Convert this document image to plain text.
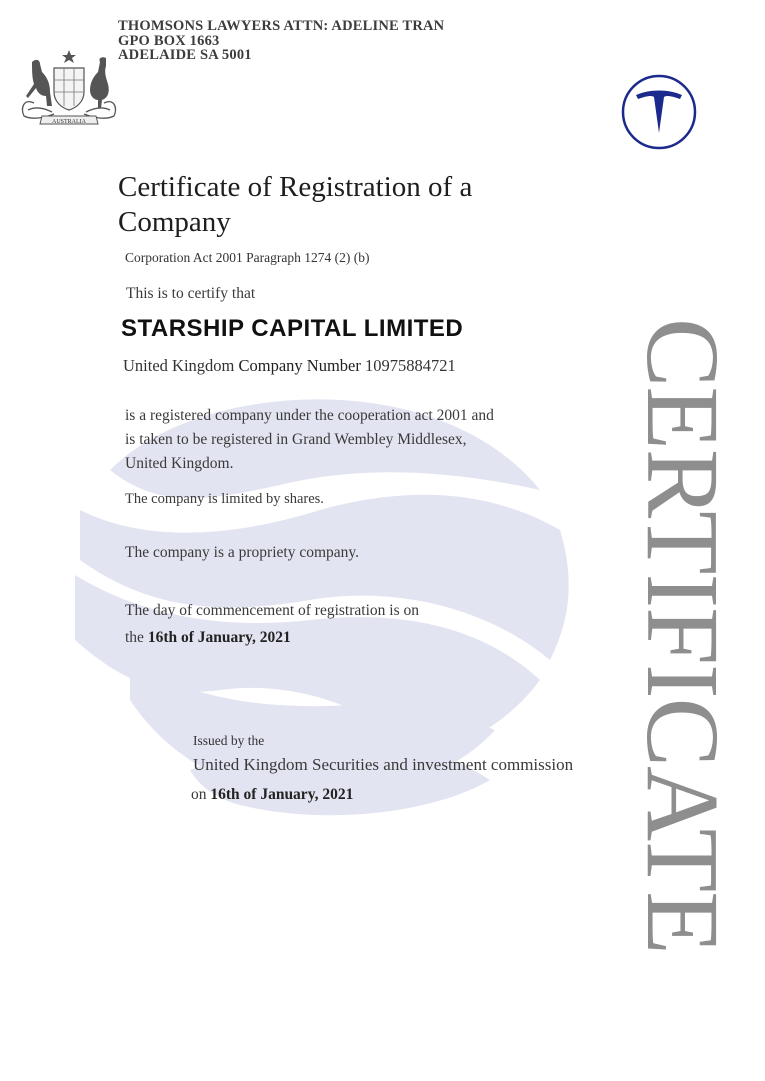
THOMSONS LAWYERS ATTN: ADELINE TRAN
GPO BOX 1663
ADELAIDE SA 5001
AUSTRALIA
Certificate of Registration of a Company
Corporation Act 2001 Paragraph 1274 (2) (b)
This is to certify that
STARSHIP CAPITAL LIMITED
United Kingdom Company Number 10975884721
is a registered company under the cooperation act 2001 and
is taken to be registered in Grand Wembley Middlesex,
United Kingdom.
The company is limited by shares.
The company is a propriety company.
The day of commencement of registration is on
the 16th of January, 2021
Issued by the
United Kingdom Securities and investment commission
on 16th of January, 2021	CERTIFICATE
